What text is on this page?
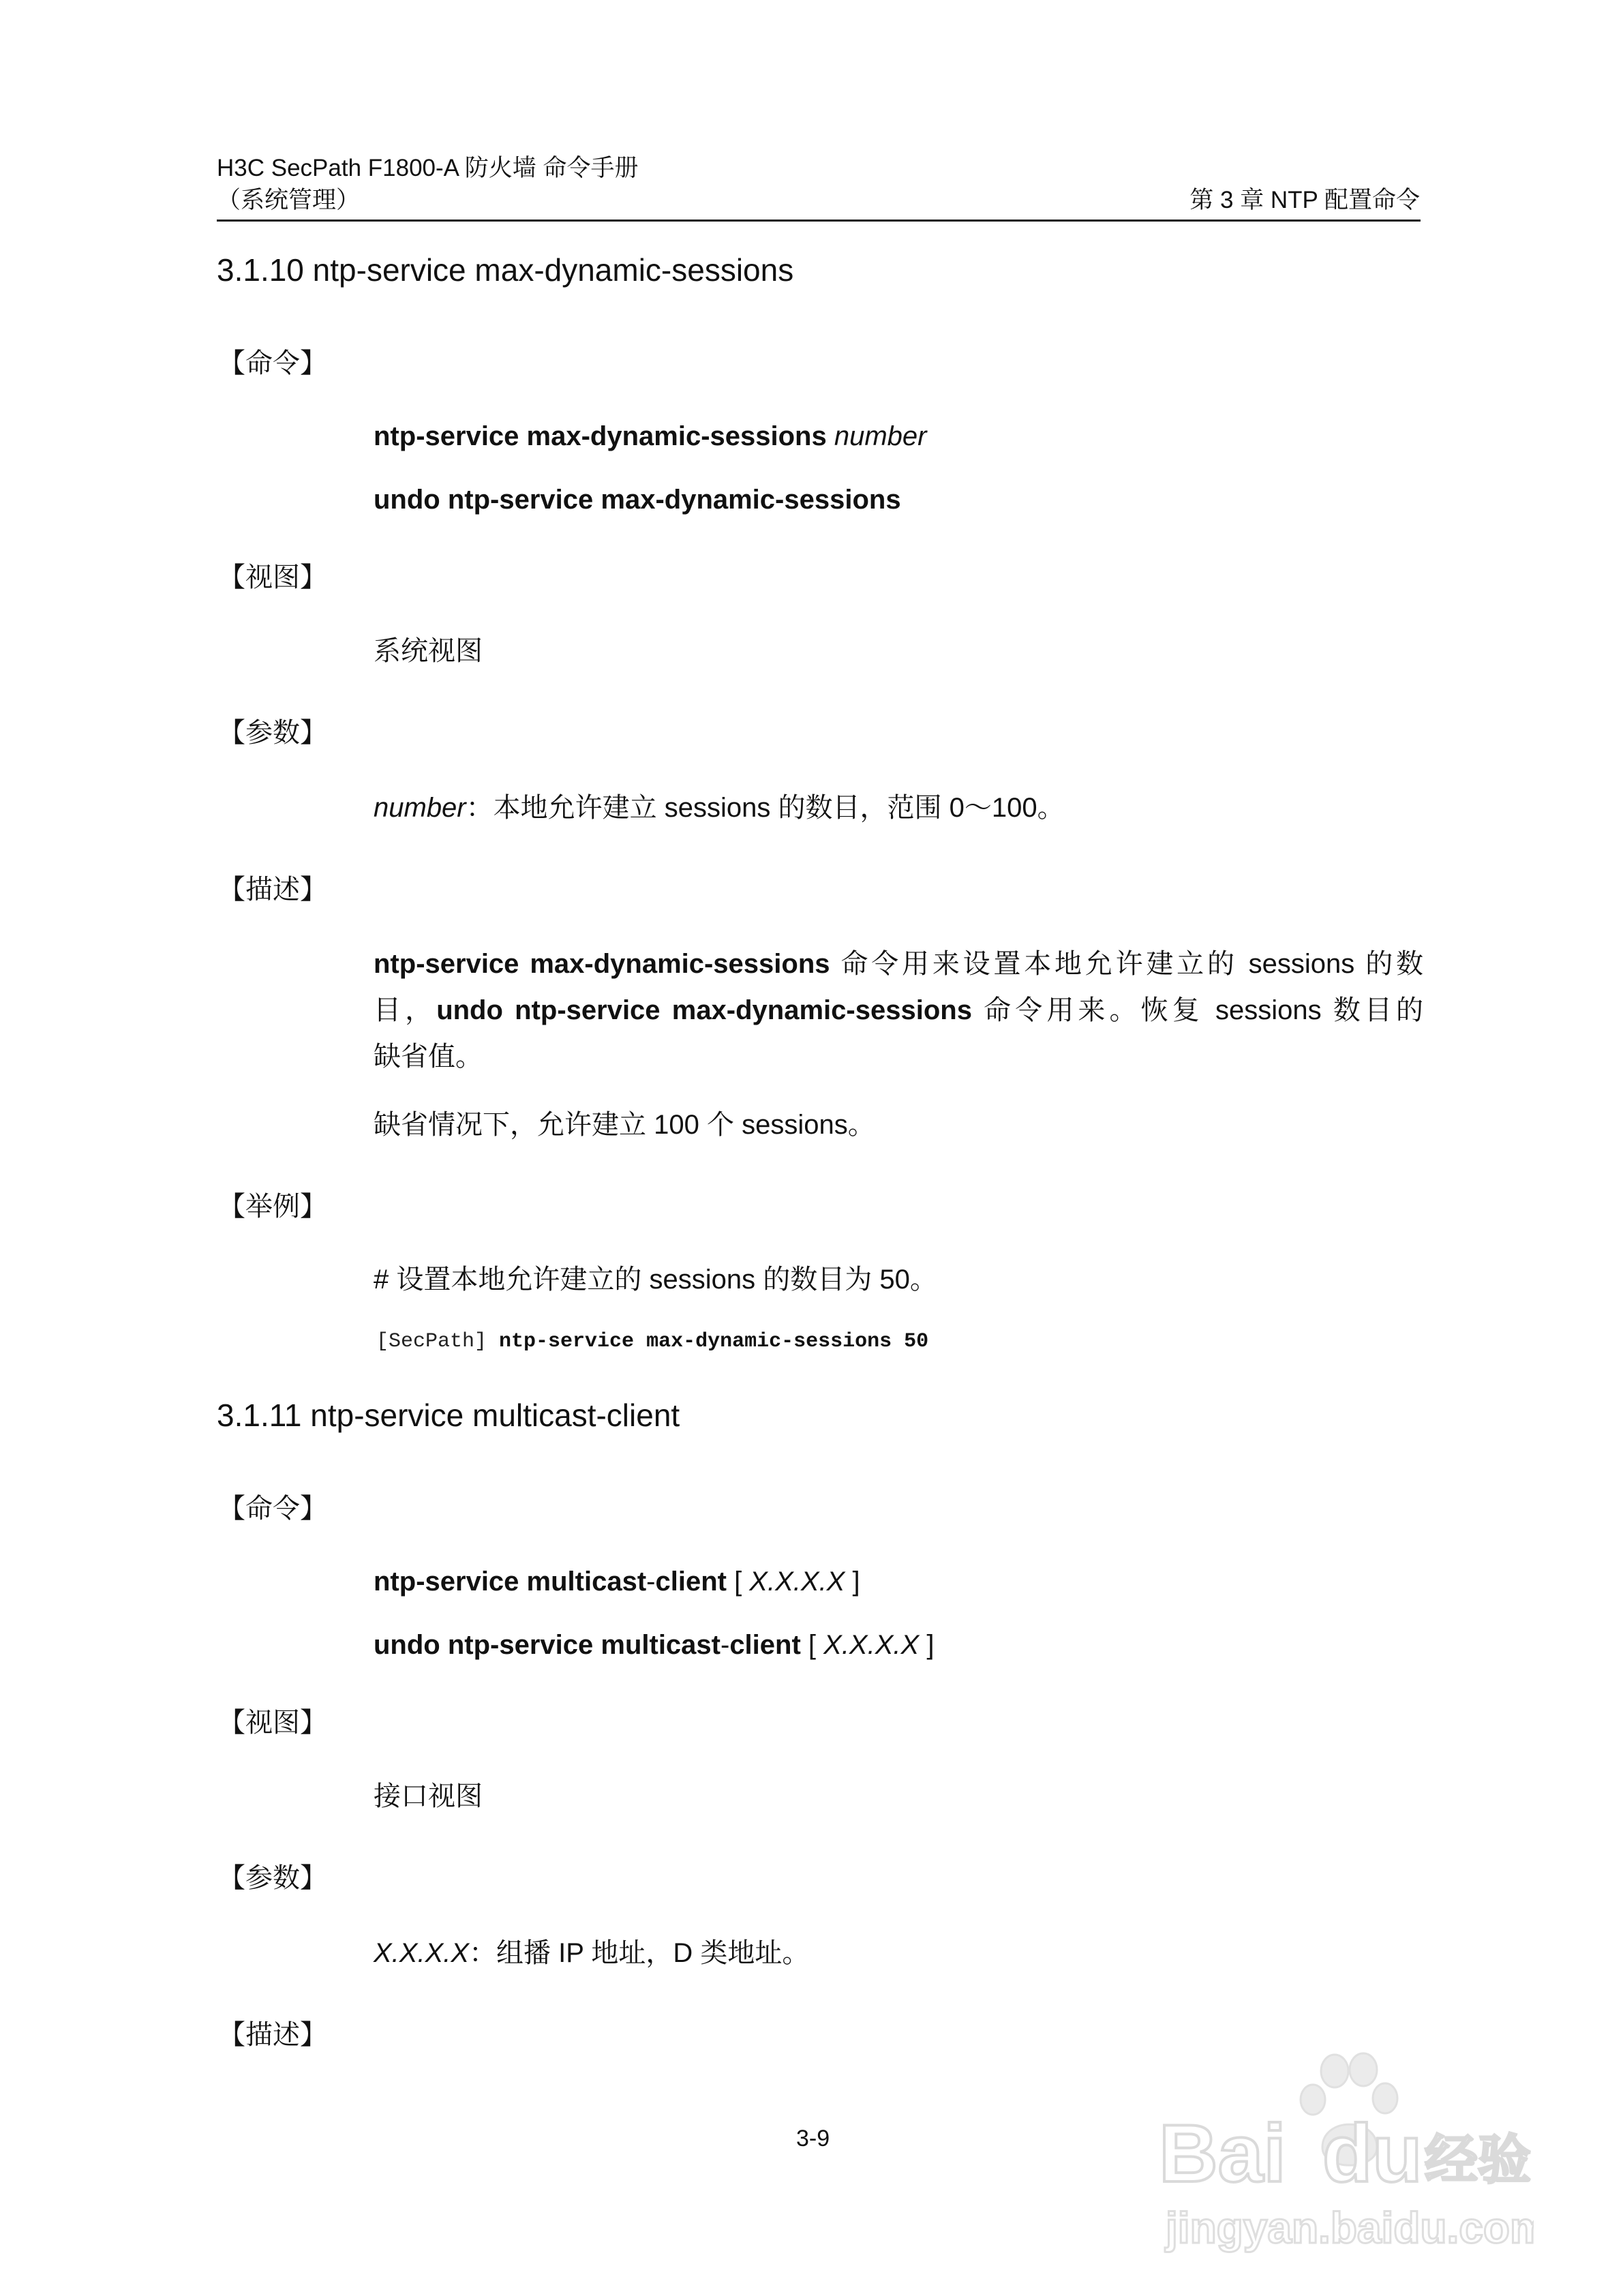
H3C SecPath F1800-A 防火墙 命令手册
（系统管理）	第 3 章 NTP 配置命令
3.1.10 ntp-service max-dynamic-sessions
【命令】
ntp-service max-dynamic-sessions number
undo ntp-service max-dynamic-sessions
【视图】
系统视图
【参数】
number：本地允许建立 sessions 的数目，范围 0～100。
【描述】
ntp-service max-dynamic-sessions 命令用来设置本地允许建立的 sessions 的数
目，undo ntp-service max-dynamic-sessions 命令用来。恢复 sessions 数目的
缺省值。
缺省情况下，允许建立 100 个 sessions。
【举例】
# 设置本地允许建立的 sessions 的数目为 50。
[SecPath] ntp-service max-dynamic-sessions 50
3.1.11 ntp-service multicast-client
【命令】
ntp-service multicast-client [ X.X.X.X ]
undo ntp-service multicast-client [ X.X.X.X ]
【视图】
接口视图
【参数】
X.X.X.X：组播 IP 地址，D 类地址。
【描述】
3-9	Bai du 经验
jingyan.baidu.com
